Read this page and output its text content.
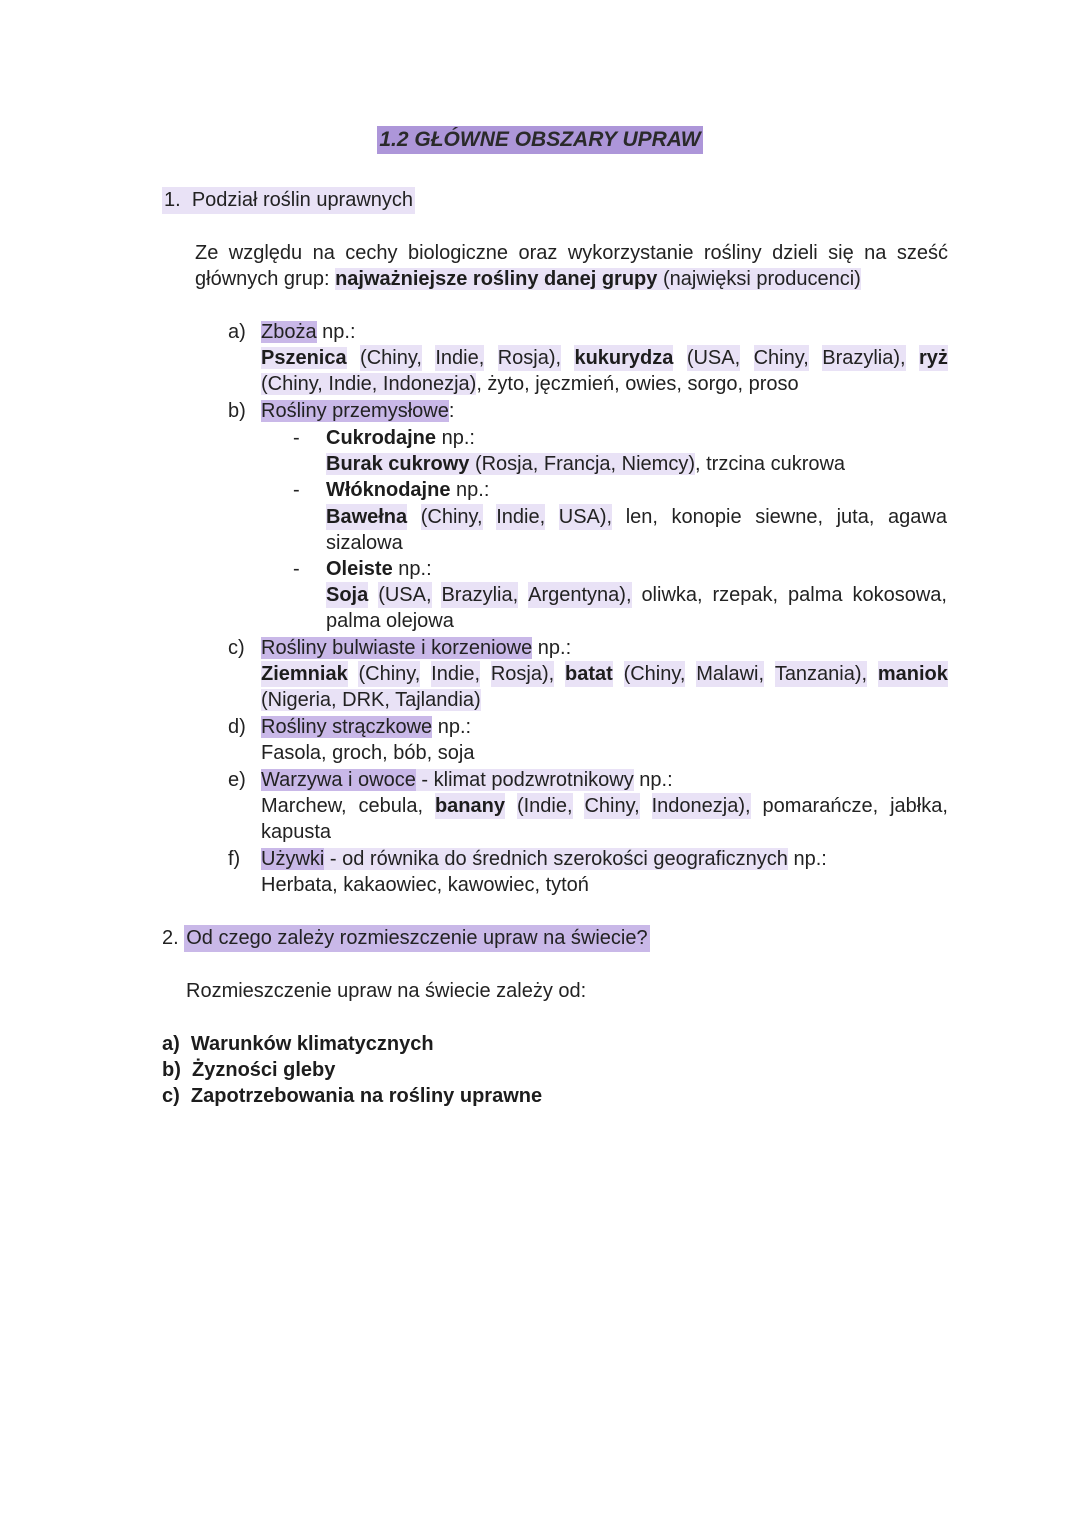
1.2 GŁÓWNE OBSZARY UPRAW
1. Podział roślin uprawnych
Ze względu na cechy biologiczne oraz wykorzystanie rośliny dzieli się na sześć
głównych grup: najważniejsze rośliny danej grupy (najwięksi producenci)
a) Zboża np.:
Pszenica (Chiny, Indie, Rosja), kukurydza (USA, Chiny, Brazylia), ryż
(Chiny, Indie, Indonezja), żyto, jęczmień, owies, sorgo, proso
b) Rośliny przemysłowe:
- Cukrodajne np.:
Burak cukrowy (Rosja, Francja, Niemcy), trzcina cukrowa
- Włóknodajne np.:
Bawełna (Chiny, Indie, USA), len, konopie siewne, juta, agawa
sizalowa
- Oleiste np.:
Soja (USA, Brazylia, Argentyna), oliwka, rzepak, palma kokosowa,
palma olejowa
c) Rośliny bulwiaste i korzeniowe np.:
Ziemniak (Chiny, Indie, Rosja), batat (Chiny, Malawi, Tanzania), maniok
(Nigeria, DRK, Tajlandia)
d) Rośliny strączkowe np.:
Fasola, groch, bób, soja
e) Warzywa i owoce - klimat podzwrotnikowy np.:
Marchew, cebula, banany (Indie, Chiny, Indonezja), pomarańcze, jabłka,
kapusta
f) Używki - od równika do średnich szerokości geograficznych np.:
Herbata, kakaowiec, kawowiec, tytoń
2. Od czego zależy rozmieszczenie upraw na świecie?
Rozmieszczenie upraw na świecie zależy od:
a) Warunków klimatycznych
b) Żyzności gleby
c) Zapotrzebowania na rośliny uprawne
